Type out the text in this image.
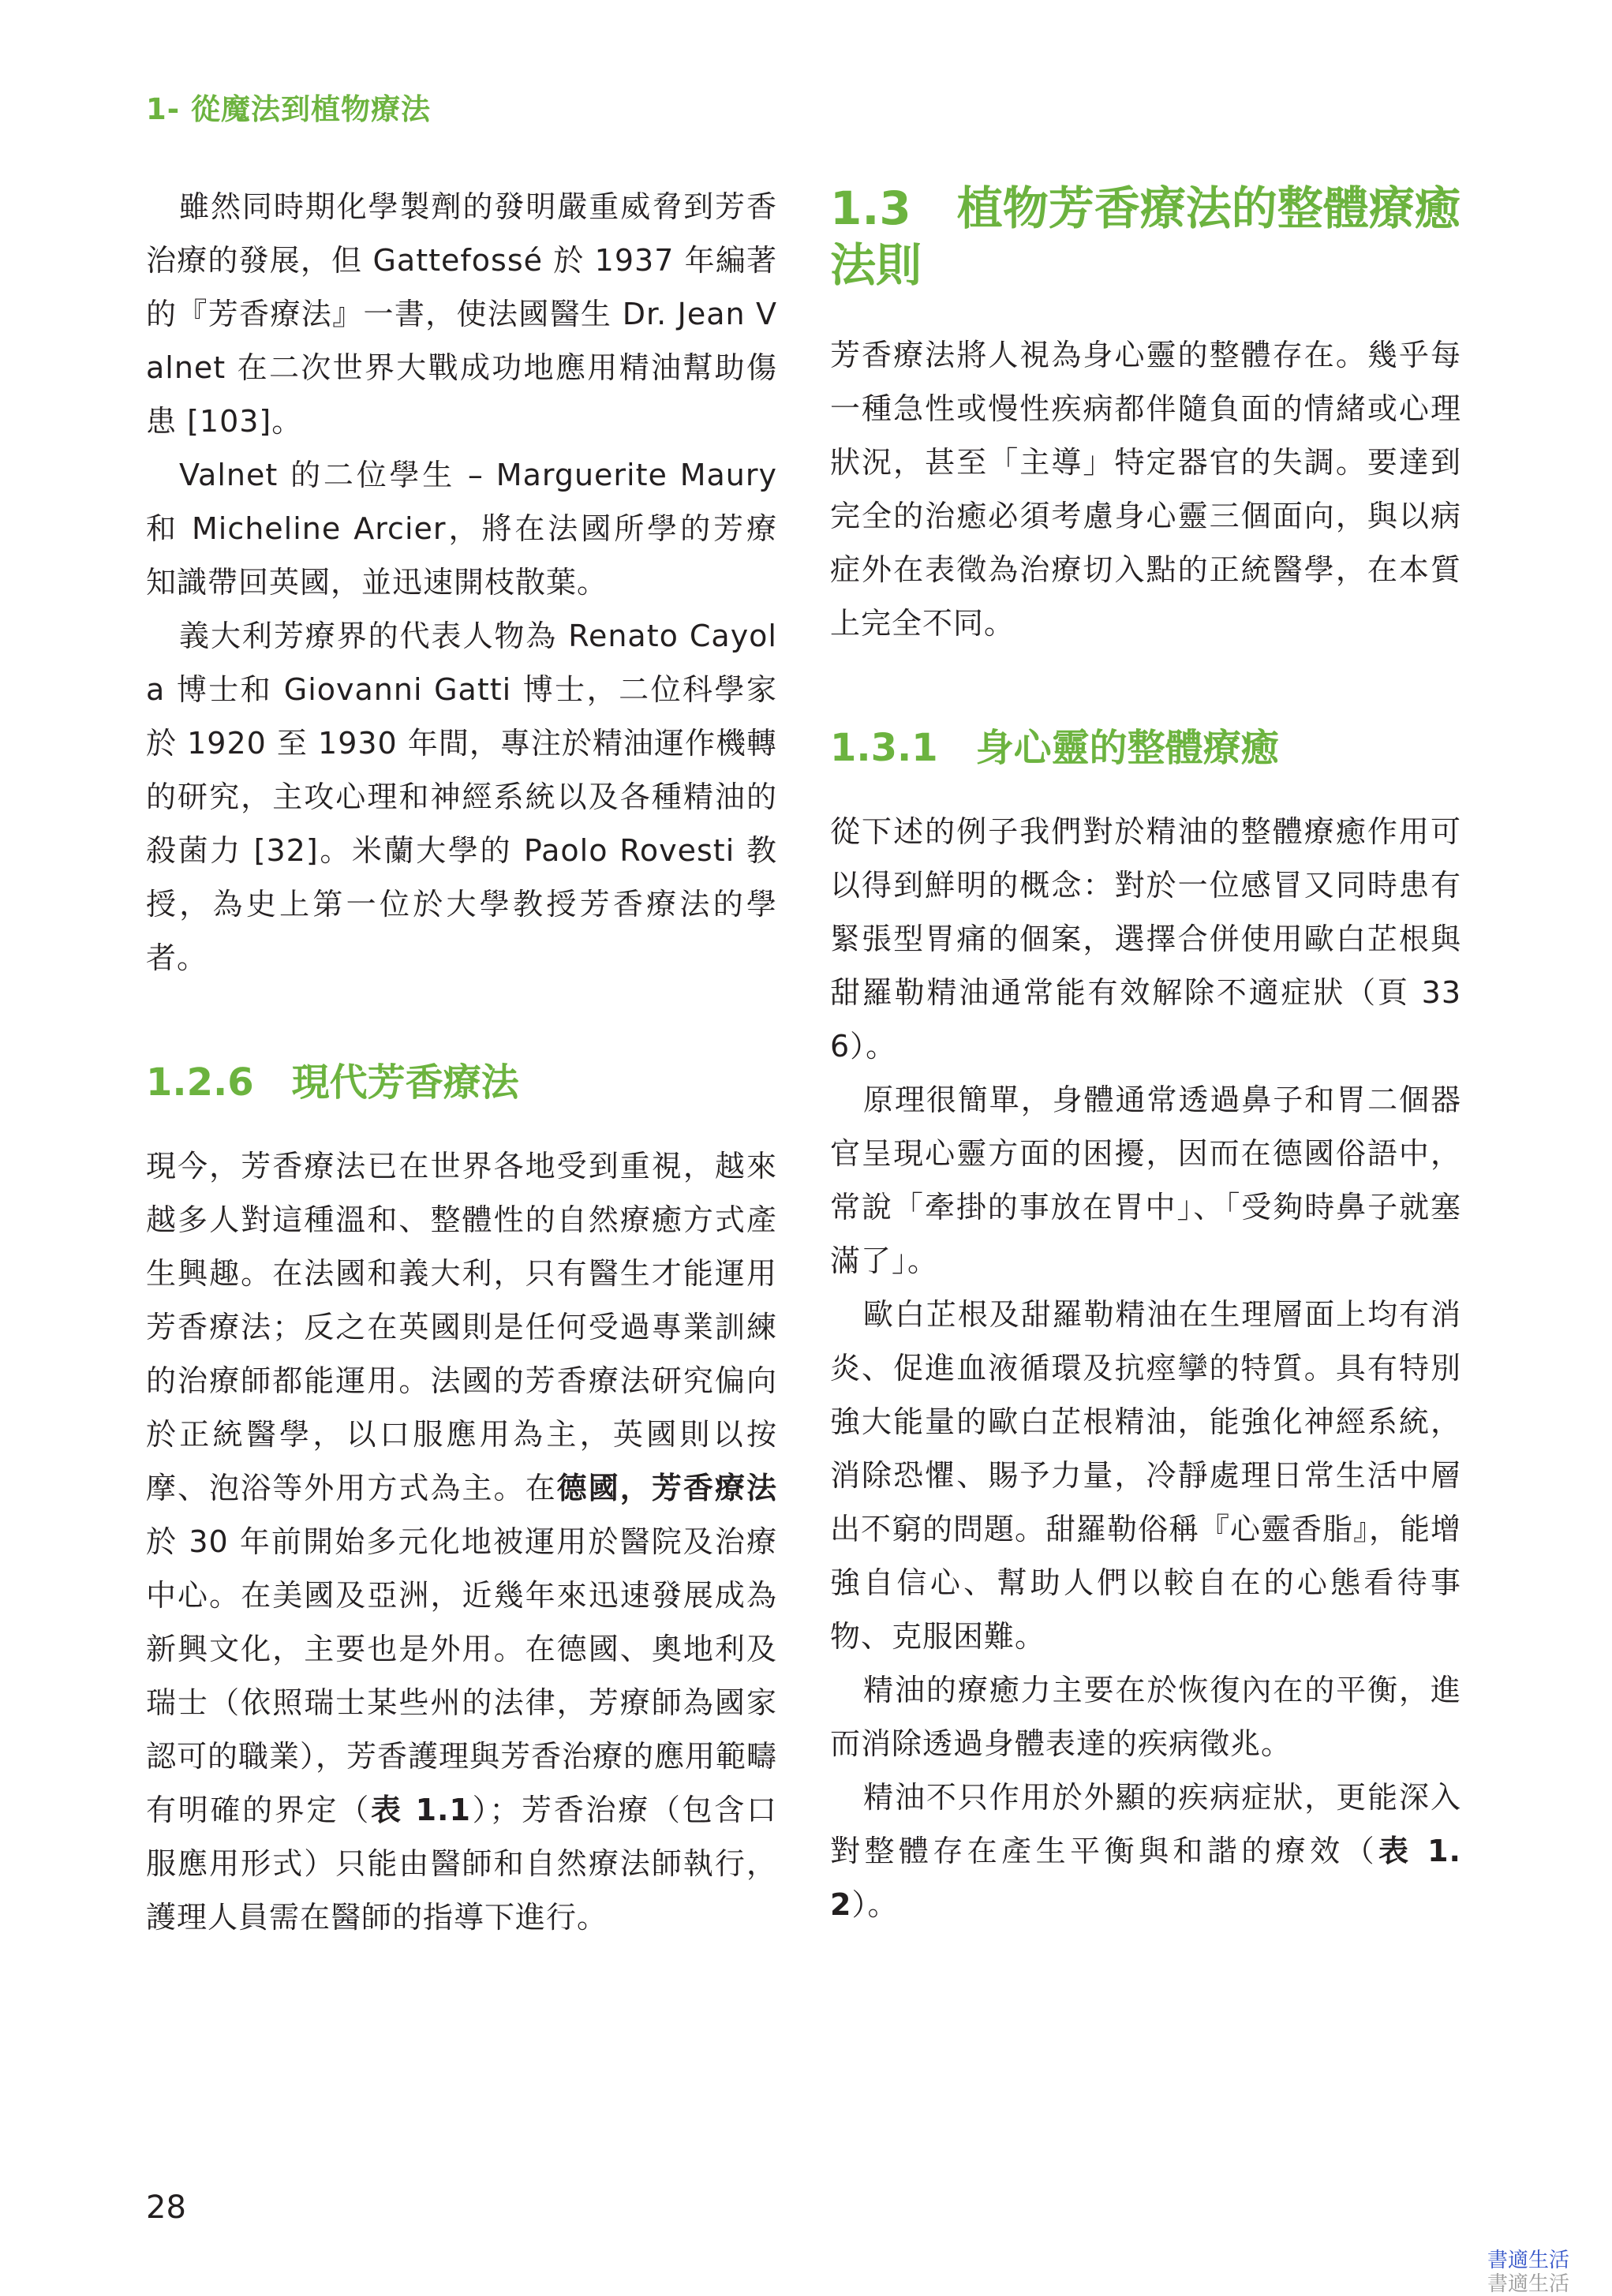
1- 從魔法到植物療法

雖然同時期化學製劑的發明嚴重威脅到芳香治療的發展，但 Gattefossé 於 1937 年編著的『芳香療法』一書，使法國醫生 Dr. Jean Valnet 在二次世界大戰成功地應用精油幫助傷患 [103]。

Valnet 的二位學生 – Marguerite Maury 和 Micheline Arcier，將在法國所學的芳療知識帶回英國，並迅速開枝散葉。

義大利芳療界的代表人物為 Renato Cayola 博士和 Giovanni Gatti 博士，二位科學家於 1920 至 1930 年間，專注於精油運作機轉的研究，主攻心理和神經系統以及各種精油的殺菌力 [32]。米蘭大學的 Paolo Rovesti 教授，為史上第一位於大學教授芳香療法的學者。

1.2.6　現代芳香療法

現今，芳香療法已在世界各地受到重視，越來越多人對這種溫和、整體性的自然療癒方式產生興趣。在法國和義大利，只有醫生才能運用芳香療法；反之在英國則是任何受過專業訓練的治療師都能運用。法國的芳香療法研究偏向於正統醫學，以口服應用為主，英國則以按摩、泡浴等外用方式為主。在德國，芳香療法於 30 年前開始多元化地被運用於醫院及治療中心。在美國及亞洲，近幾年來迅速發展成為新興文化，主要也是外用。在德國、奧地利及瑞士（依照瑞士某些州的法律，芳療師為國家認可的職業），芳香護理與芳香治療的應用範疇有明確的界定（表 1.1）；芳香治療（包含口服應用形式）只能由醫師和自然療法師執行，護理人員需在醫師的指導下進行。

1.3　植物芳香療法的整體療癒法則

芳香療法將人視為身心靈的整體存在。幾乎每一種急性或慢性疾病都伴隨負面的情緒或心理狀況，甚至「主導」特定器官的失調。要達到完全的治癒必須考慮身心靈三個面向，與以病症外在表徵為治療切入點的正統醫學，在本質上完全不同。

1.3.1　身心靈的整體療癒

從下述的例子我們對於精油的整體療癒作用可以得到鮮明的概念：對於一位感冒又同時患有緊張型胃痛的個案，選擇合併使用歐白芷根與甜羅勒精油通常能有效解除不適症狀（頁 336）。

原理很簡單，身體通常透過鼻子和胃二個器官呈現心靈方面的困擾，因而在德國俗語中，常說「牽掛的事放在胃中」、「受夠時鼻子就塞滿了」。

歐白芷根及甜羅勒精油在生理層面上均有消炎、促進血液循環及抗痙攣的特質。具有特別強大能量的歐白芷根精油，能強化神經系統，消除恐懼、賜予力量，冷靜處理日常生活中層出不窮的問題。甜羅勒俗稱『心靈香脂』，能增強自信心、幫助人們以較自在的心態看待事物、克服困難。

精油的療癒力主要在於恢復內在的平衡，進而消除透過身體表達的疾病徵兆。

精油不只作用於外顯的疾病症狀，更能深入對整體存在產生平衡與和諧的療效（表 1.2）。

28
書適生活
書適生活
